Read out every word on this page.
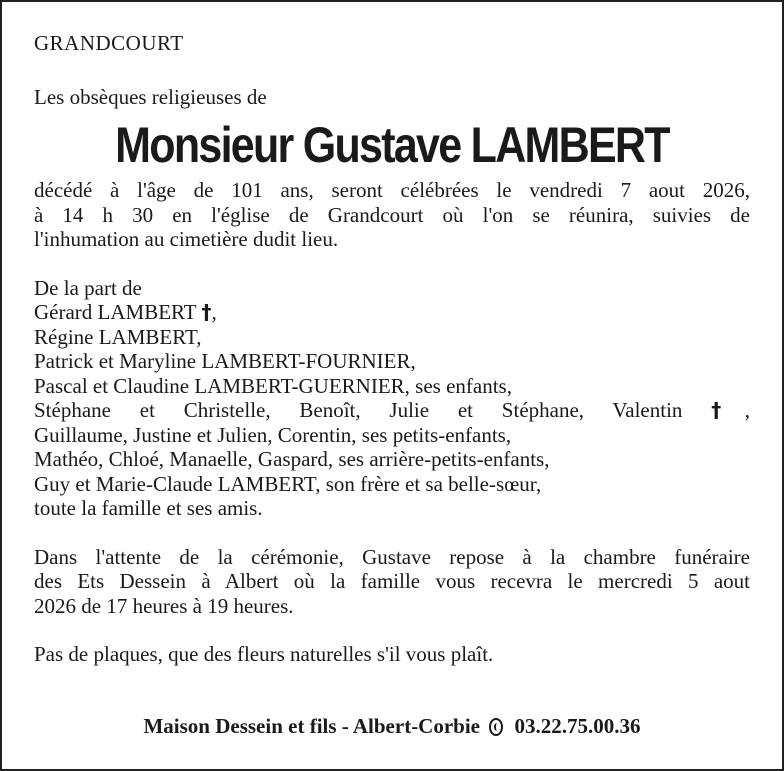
GRANDCOURT
Les obsèques religieuses de
Monsieur Gustave LAMBERT
décédé à l'âge de 101 ans, seront célébrées le vendredi 7 aout 2026,
à 14 h 30 en l'église de Grandcourt où l'on se réunira, suivies de
l'inhumation au cimetière dudit lieu.
De la part de
Gérard LAMBERT †,
Régine LAMBERT,
Patrick et Maryline LAMBERT-FOURNIER,
Pascal et Claudine LAMBERT-GUERNIER, ses enfants,
Stéphane et Christelle, Benoît, Julie et Stéphane, Valentin †,
Guillaume, Justine et Julien, Corentin, ses petits-enfants,
Mathéo, Chloé, Manaelle, Gaspard, ses arrière-petits-enfants,
Guy et Marie-Claude LAMBERT, son frère et sa belle-sœur,
toute la famille et ses amis.
Dans l'attente de la cérémonie, Gustave repose à la chambre funéraire
des Ets Dessein à Albert où la famille vous recevra le mercredi 5 aout
2026 de 17 heures à 19 heures.
Pas de plaques, que des fleurs naturelles s'il vous plaît.
Maison Dessein et fils - Albert-Corbie 03.22.75.00.36
